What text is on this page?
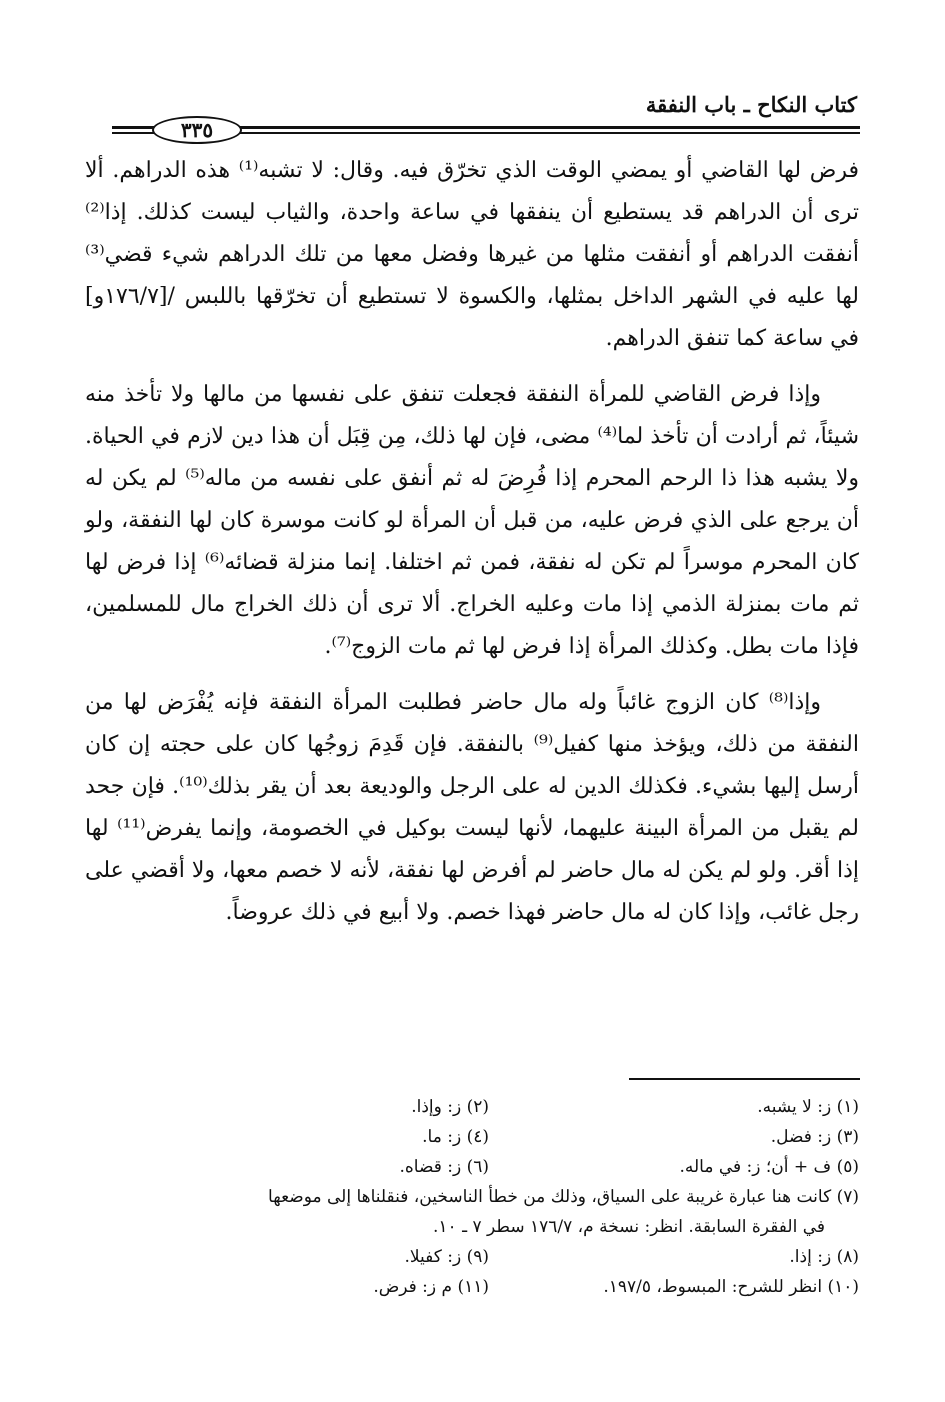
كتاب النكاح ـ باب النفقة
٣٣٥

فرض لها القاضي أو يمضي الوقت الذي تخرّق فيه. وقال: لا تشبه⁽¹⁾ هذه الدراهم. ألا ترى أن الدراهم قد يستطيع أن ينفقها في ساعة واحدة، والثياب ليست كذلك. إذا⁽²⁾ أنفقت الدراهم أو أنفقت مثلها من غيرها وفضل معها من تلك الدراهم شيء قضي⁽³⁾ لها عليه في الشهر الداخل بمثلها، والكسوة لا تستطيع أن تخرّقها باللبس /[١٧٦/٧و] في ساعة كما تنفق الدراهم.

وإذا فرض القاضي للمرأة النفقة فجعلت تنفق على نفسها من مالها ولا تأخذ منه شيئاً، ثم أرادت أن تأخذ لما⁽⁴⁾ مضى، فإن لها ذلك، مِن قِبَل أن هذا دين لازم في الحياة. ولا يشبه هذا ذا الرحم المحرم إذا فُرِضَ له ثم أنفق على نفسه من ماله⁽⁵⁾ لم يكن له أن يرجع على الذي فرض عليه، من قبل أن المرأة لو كانت موسرة كان لها النفقة، ولو كان المحرم موسراً لم تكن له نفقة، فمن ثم اختلفا. إنما منزلة قضائه⁽⁶⁾ إذا فرض لها ثم مات بمنزلة الذمي إذا مات وعليه الخراج. ألا ترى أن ذلك الخراج مال للمسلمين، فإذا مات بطل. وكذلك المرأة إذا فرض لها ثم مات الزوج⁽⁷⁾.

وإذا⁽⁸⁾ كان الزوج غائباً وله مال حاضر فطلبت المرأة النفقة فإنه يُفْرَض لها من النفقة من ذلك، ويؤخذ منها كفيل⁽⁹⁾ بالنفقة. فإن قَدِمَ زوجُها كان على حجته إن كان أرسل إليها بشيء. فكذلك الدين له على الرجل والوديعة بعد أن يقر بذلك⁽¹⁰⁾. فإن جحد لم يقبل من المرأة البينة عليهما، لأنها ليست بوكيل في الخصومة، وإنما يفرض⁽¹¹⁾ لها إذا أقر. ولو لم يكن له مال حاضر لم أفرض لها نفقة، لأنه لا خصم معها، ولا أقضي على رجل غائب، وإذا كان له مال حاضر فهذا خصم. ولا أبيع في ذلك عروضاً.

(١) ز: لا يشبه.
(٢) ز: وإذا.
(٣) ز: فضل.
(٤) ز: ما.
(٥) ف + أن؛ ز: في ماله.
(٦) ز: قضاه.
(٧) كانت هنا عبارة غريبة على السياق، وذلك من خطأ الناسخين، فنقلناها إلى موضعها
في الفقرة السابقة. انظر: نسخة م، ١٧٦/٧ سطر ٧ ـ ١٠.
(٨) ز: إذا.
(٩) ز: كفيلا.
(١٠) انظر للشرح: المبسوط، ١٩٧/٥.
(١١) م ز: فرض.
